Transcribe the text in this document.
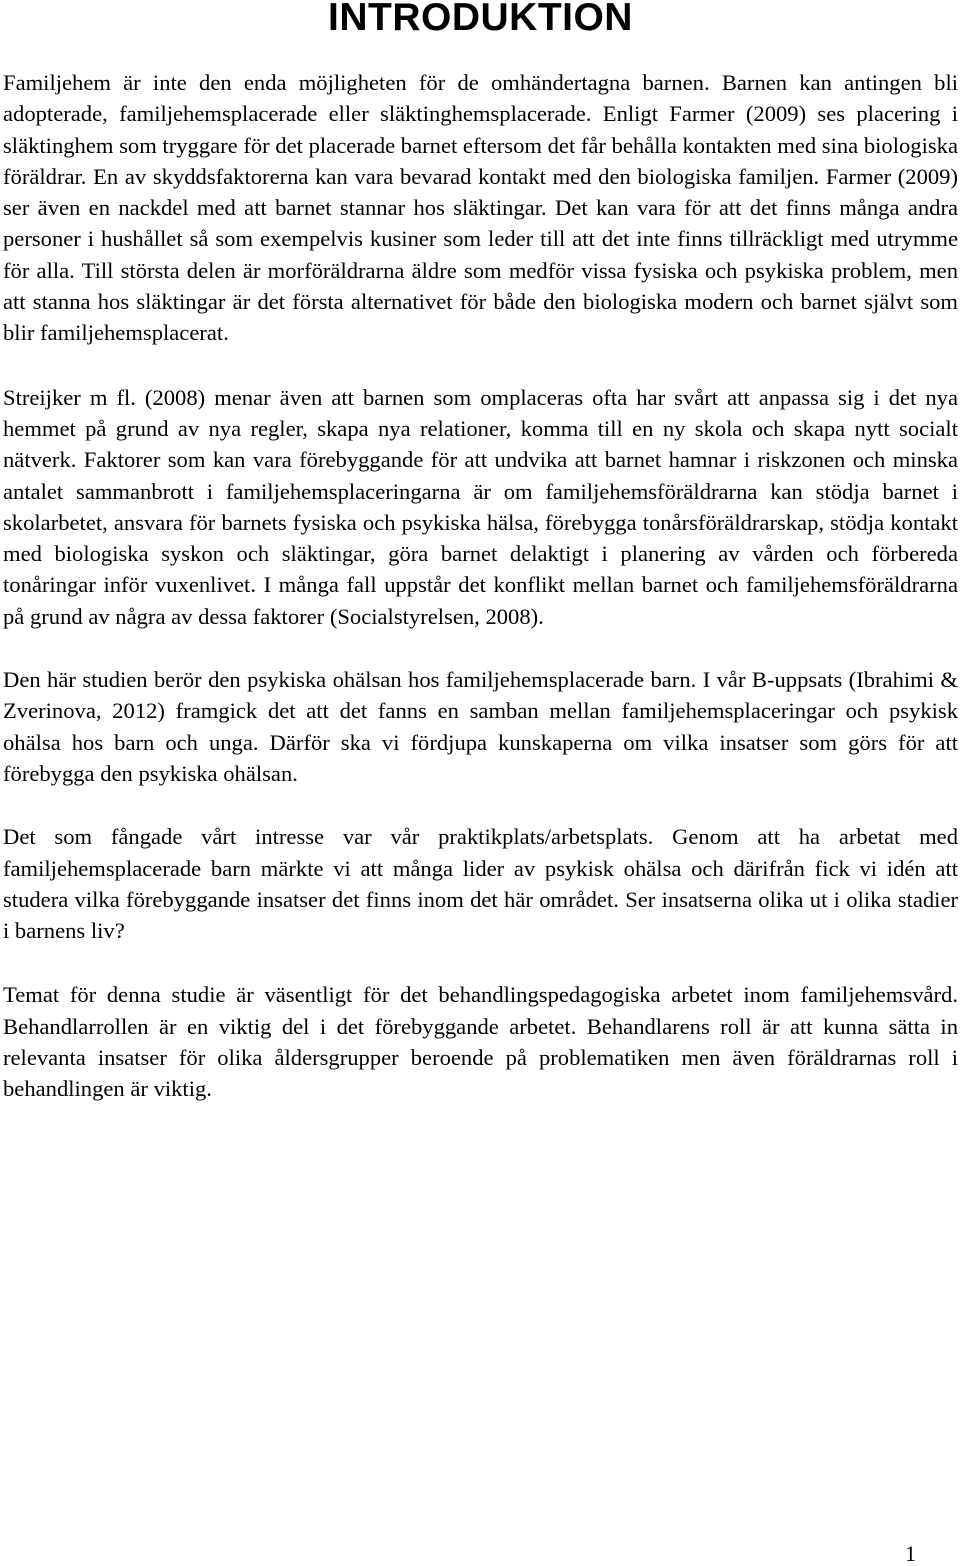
INTRODUKTION

Familjehem är inte den enda möjligheten för de omhändertagna barnen. Barnen kan antingen bli adopterade, familjehemsplacerade eller släktinghemsplacerade. Enligt Farmer (2009) ses placering i släktinghem som tryggare för det placerade barnet eftersom det får behålla kontakten med sina biologiska föräldrar. En av skyddsfaktorerna kan vara bevarad kontakt med den biologiska familjen. Farmer (2009) ser även en nackdel med att barnet stannar hos släktingar. Det kan vara för att det finns många andra personer i hushållet så som exempelvis kusiner som leder till att det inte finns tillräckligt med utrymme för alla. Till största delen är morföräldrarna äldre som medför vissa fysiska och psykiska problem, men att stanna hos släktingar är det första alternativet för både den biologiska modern och barnet självt som blir familjehemsplacerat.

Streijker m fl. (2008) menar även att barnen som omplaceras ofta har svårt att anpassa sig i det nya hemmet på grund av nya regler, skapa nya relationer, komma till en ny skola och skapa nytt socialt nätverk. Faktorer som kan vara förebyggande för att undvika att barnet hamnar i riskzonen och minska antalet sammanbrott i familjehemsplaceringarna är om familjehemsföräldrarna kan stödja barnet i skolarbetet, ansvara för barnets fysiska och psykiska hälsa, förebygga tonårsföräldrarskap, stödja kontakt med biologiska syskon och släktingar, göra barnet delaktigt i planering av vården och förbereda tonåringar inför vuxenlivet. I många fall uppstår det konflikt mellan barnet och familjehemsföräldrarna på grund av några av dessa faktorer (Socialstyrelsen, 2008).

Den här studien berör den psykiska ohälsan hos familjehemsplacerade barn. I vår B-uppsats (Ibrahimi & Zverinova, 2012) framgick det att det fanns en samban mellan familjehemsplaceringar och psykisk ohälsa hos barn och unga. Därför ska vi fördjupa kunskaperna om vilka insatser som görs för att förebygga den psykiska ohälsan.

Det som fångade vårt intresse var vår praktikplats/arbetsplats. Genom att ha arbetat med familjehemsplacerade barn märkte vi att många lider av psykisk ohälsa och därifrån fick vi idén att studera vilka förebyggande insatser det finns inom det här området. Ser insatserna olika ut i olika stadier i barnens liv?

Temat för denna studie är väsentligt för det behandlingspedagogiska arbetet inom familjehemsvård. Behandlarrollen är en viktig del i det förebyggande arbetet. Behandlarens roll är att kunna sätta in relevanta insatser för olika åldersgrupper beroende på problematiken men även föräldrarnas roll i behandlingen är viktig.

1
